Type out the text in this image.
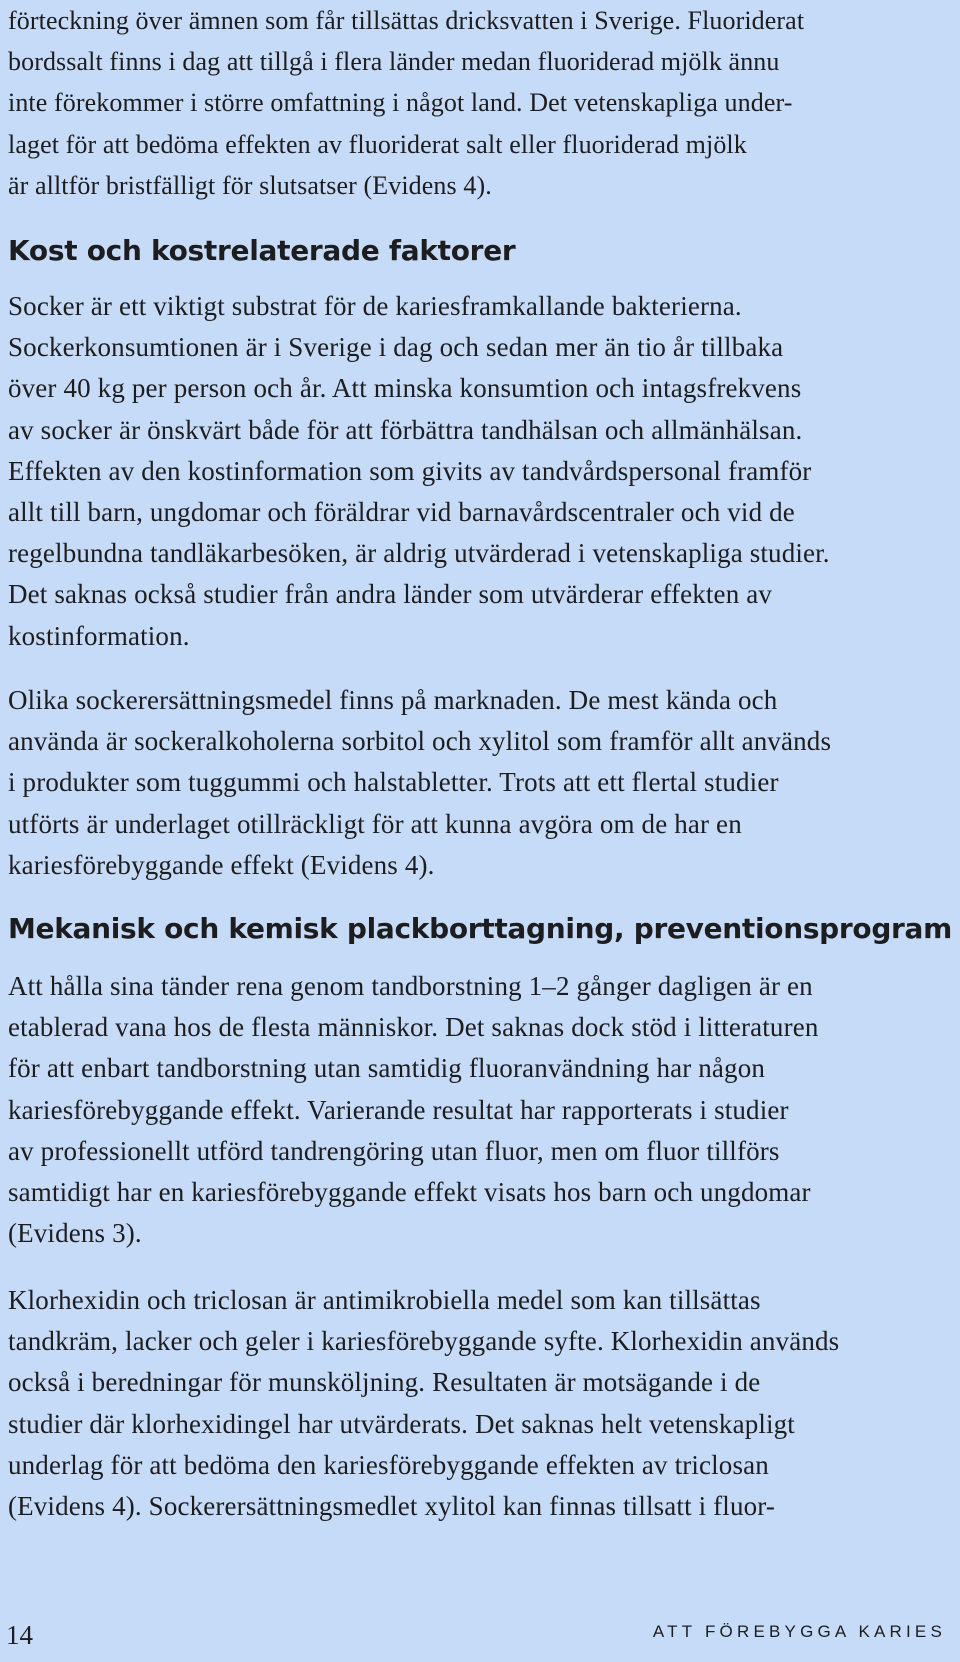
förteckning över ämnen som får tillsättas dricksvatten i Sverige. Fluoriderat
bordssalt finns i dag att tillgå i flera länder medan fluoriderad mjölk ännu
inte förekommer i större omfattning i något land. Det vetenskapliga under-
laget för att bedöma effekten av fluoriderat salt eller fluoriderad mjölk
är alltför bristfälligt för slutsatser (Evidens 4).

Kost och kostrelaterade faktorer

Socker är ett viktigt substrat för de kariesframkallande bakterierna.
Sockerkonsumtionen är i Sverige i dag och sedan mer än tio år tillbaka
över 40 kg per person och år. Att minska konsumtion och intagsfrekvens
av socker är önskvärt både för att förbättra tandhälsan och allmänhälsan.
Effekten av den kostinformation som givits av tandvårdspersonal framför
allt till barn, ungdomar och föräldrar vid barnavårdscentraler och vid de
regelbundna tandläkarbesöken, är aldrig utvärderad i vetenskapliga studier.
Det saknas också studier från andra länder som utvärderar effekten av
kostinformation.

Olika sockerersättningsmedel finns på marknaden. De mest kända och
använda är sockeralkoholerna sorbitol och xylitol som framför allt används
i produkter som tuggummi och halstabletter. Trots att ett flertal studier
utförts är underlaget otillräckligt för att kunna avgöra om de har en
kariesförebyggande effekt (Evidens 4).

Mekanisk och kemisk plackborttagning, preventionsprogram

Att hålla sina tänder rena genom tandborstning 1–2 gånger dagligen är en
etablerad vana hos de flesta människor. Det saknas dock stöd i litteraturen
för att enbart tandborstning utan samtidig fluoranvändning har någon
kariesförebyggande effekt. Varierande resultat har rapporterats i studier
av professionellt utförd tandrengöring utan fluor, men om fluor tillförs
samtidigt har en kariesförebyggande effekt visats hos barn och ungdomar
(Evidens 3).

Klorhexidin och triclosan är antimikrobiella medel som kan tillsättas
tandkräm, lacker och geler i kariesförebyggande syfte. Klorhexidin används
också i beredningar för munsköljning. Resultaten är motsägande i de
studier där klorhexidingel har utvärderats. Det saknas helt vetenskapligt
underlag för att bedöma den kariesförebyggande effekten av triclosan
(Evidens 4). Sockerersättningsmedlet xylitol kan finnas tillsatt i fluor-

14	ATT FÖREBYGGA KARIES
